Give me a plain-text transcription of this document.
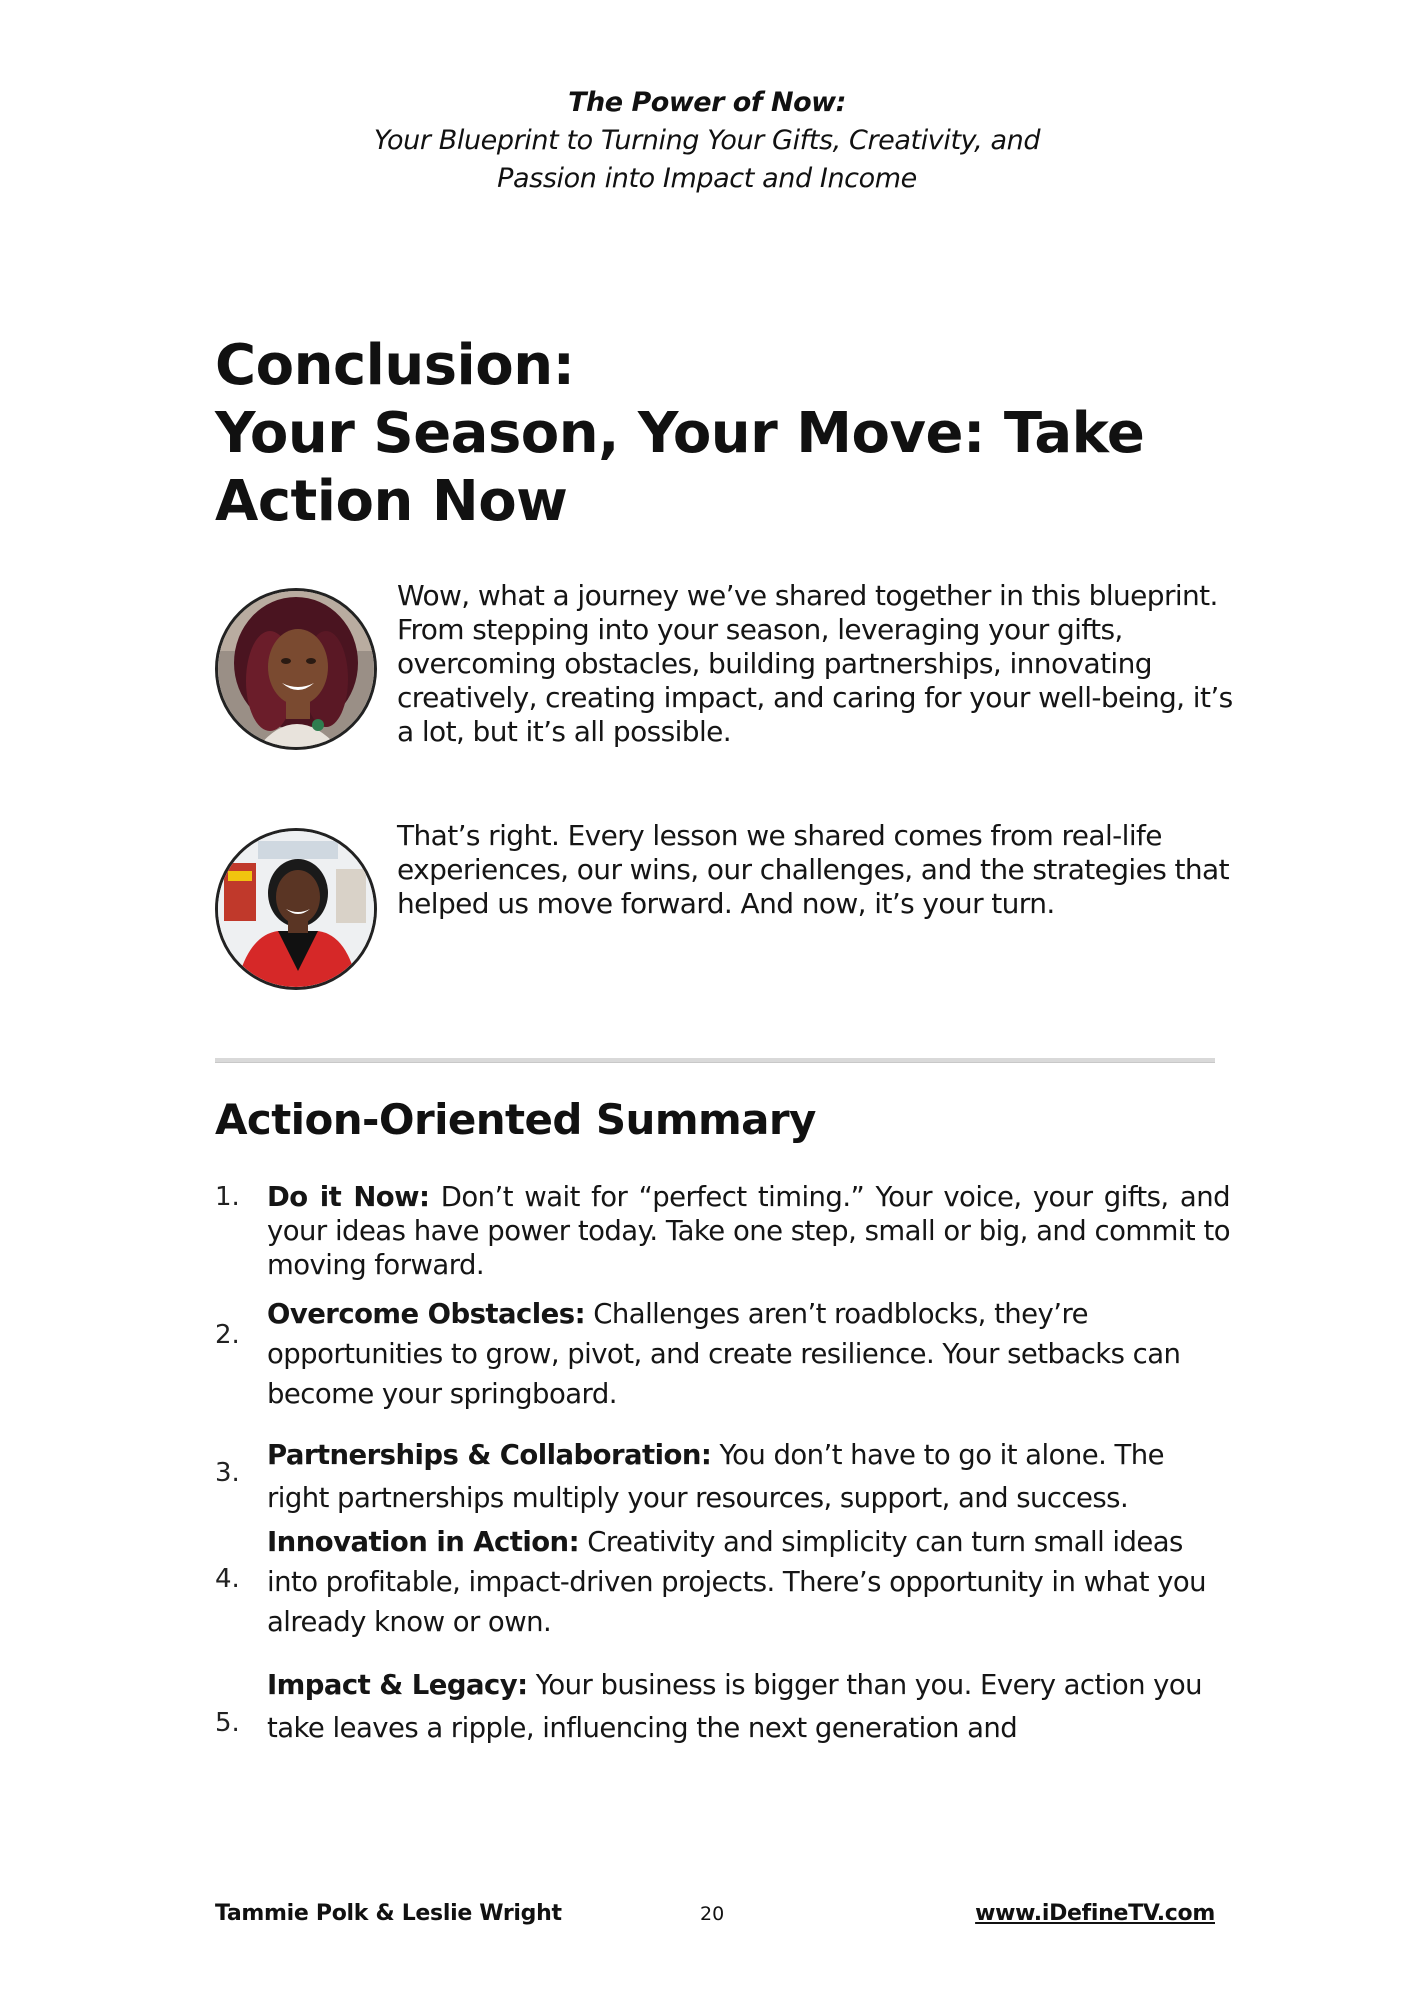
The Power of Now:
Your Blueprint to Turning Your Gifts, Creativity, and
Passion into Impact and Income
Conclusion:
Your Season, Your Move: Take
Action Now
Wow, what a journey we’ve shared together in this blueprint. From stepping into your season, leveraging your gifts, overcoming obstacles, building partnerships, innovating creatively, creating impact, and caring for your well-being, it’s a lot, but it’s all possible.
That’s right. Every lesson we shared comes from real-life experiences, our wins, our challenges, and the strategies that helped us move forward. And now, it’s your turn.
Action-Oriented Summary
1. Do it Now: Don’t wait for “perfect timing.” Your voice, your gifts, and your ideas have power today. Take one step, small or big, and commit to moving forward.
2.
Overcome Obstacles: Challenges aren’t roadblocks, they’re opportunities to grow, pivot, and create resilience. Your setbacks can become your springboard.
3.
Partnerships & Collaboration: You don’t have to go it alone. The right partnerships multiply your resources, support, and success.
4.
Innovation in Action: Creativity and simplicity can turn small ideas into profitable, impact-driven projects. There’s opportunity in what you already know or own.
5.
Impact & Legacy: Your business is bigger than you. Every action you take leaves a ripple, influencing the next generation and
Tammie Polk & Leslie Wright	20	www.iDefineTV.com
